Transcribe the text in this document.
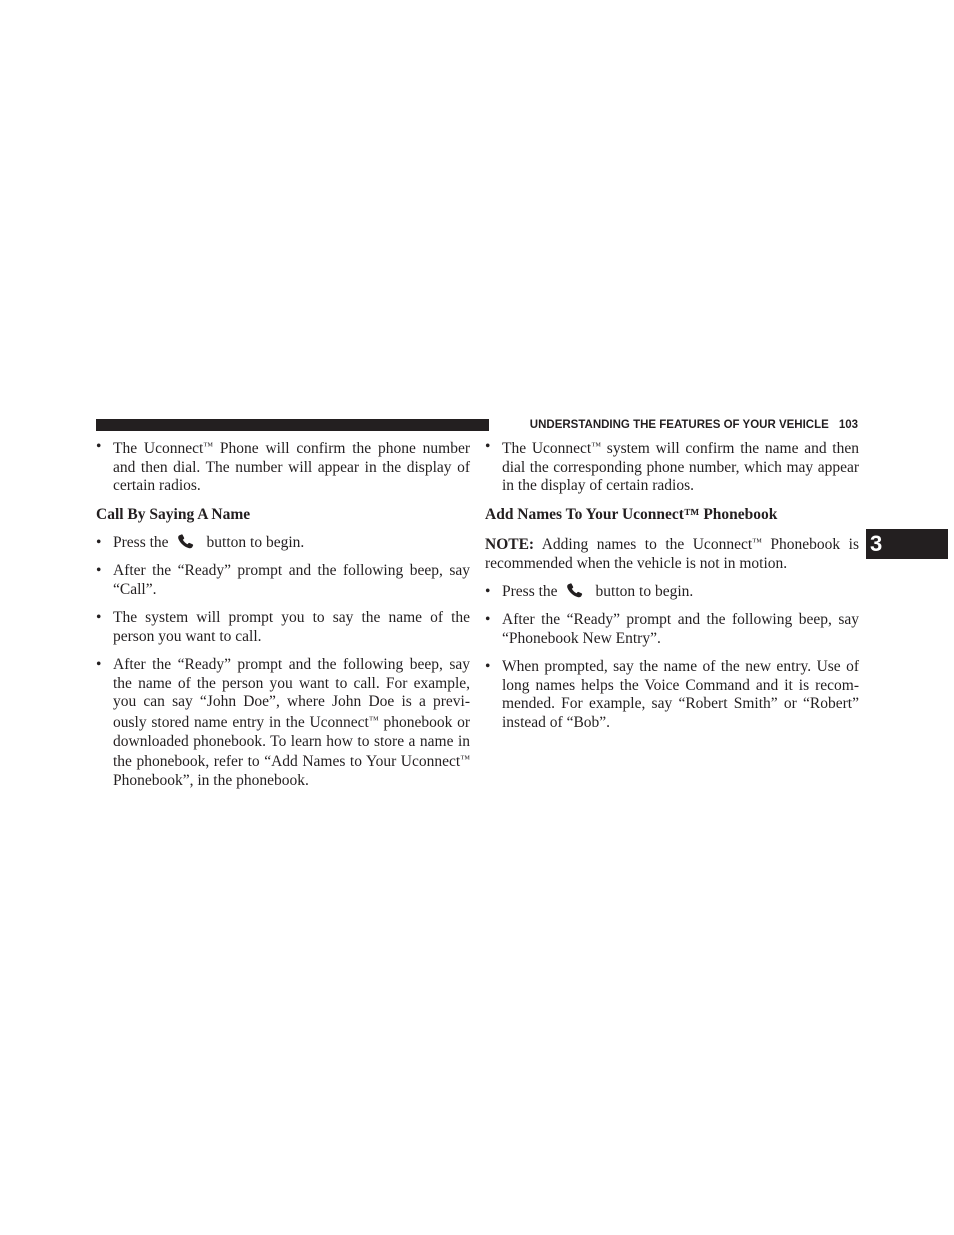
UNDERSTANDING THE FEATURES OF YOUR VEHICLE 103
3
• The Uconnect™ Phone will confirm the phone number and then dial. The number will appear in the display of certain radios.

Call By Saying A Name

• Press the button to begin.
• After the “Ready” prompt and the following beep, say “Call”.
• The system will prompt you to say the name of the person you want to call.
• After the “Ready” prompt and the following beep, say the name of the person you want to call. For example, you can say “John Doe”, where John Doe is a previ- ously stored name entry in the Uconnect™ phonebook or downloaded phonebook. To learn how to store a name in the phonebook, refer to “Add Names to Your Uconnect™ Phonebook”, in the phonebook.
• The Uconnect™ system will confirm the name and then dial the corresponding phone number, which may appear in the display of certain radios.

Add Names To Your Uconnect™ Phonebook

NOTE: Adding names to the Uconnect™ Phonebook is recommended when the vehicle is not in motion.

• Press the button to begin.
• After the “Ready” prompt and the following beep, say “Phonebook New Entry”.
• When prompted, say the name of the new entry. Use of long names helps the Voice Command and it is recom- mended. For example, say “Robert Smith” or “Robert” instead of “Bob”.
